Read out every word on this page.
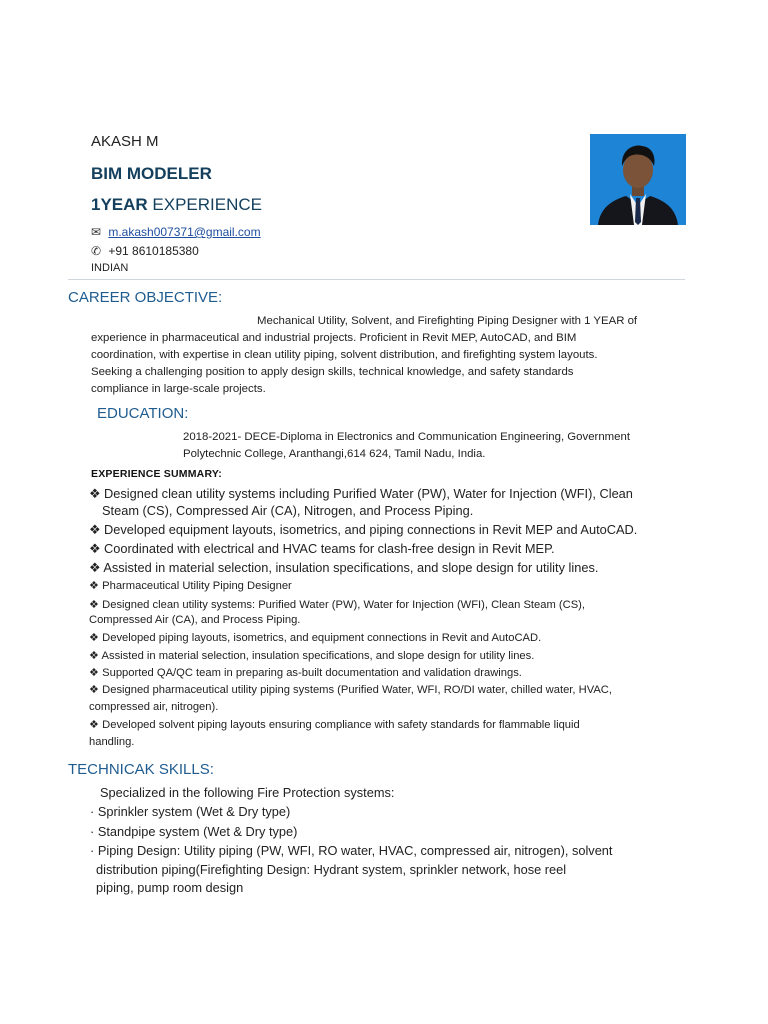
AKASH M
BIM MODELER
1YEAR EXPERIENCE
✉ m.akash007371@gmail.com
✆ +91 8610185380
INDIAN
CAREER OBJECTIVE:
Mechanical Utility, Solvent, and Firefighting Piping Designer with 1 YEAR of
experience in pharmaceutical and industrial projects. Proficient in Revit MEP, AutoCAD, and BIM
coordination, with expertise in clean utility piping, solvent distribution, and firefighting system layouts.
Seeking a challenging position to apply design skills, technical knowledge, and safety standards
compliance in large-scale projects.
EDUCATION:
2018-2021- DECE-Diploma in Electronics and Communication Engineering, Government
Polytechnic College, Aranthangi,614 624, Tamil Nadu, India.
EXPERIENCE SUMMARY:
❖ Designed clean utility systems including Purified Water (PW), Water for Injection (WFI), Clean
Steam (CS), Compressed Air (CA), Nitrogen, and Process Piping.
❖ Developed equipment layouts, isometrics, and piping connections in Revit MEP and AutoCAD.
❖ Coordinated with electrical and HVAC teams for clash-free design in Revit MEP.
❖ Assisted in material selection, insulation specifications, and slope design for utility lines.
❖ Pharmaceutical Utility Piping Designer
❖ Designed clean utility systems: Purified Water (PW), Water for Injection (WFI), Clean Steam (CS),
Compressed Air (CA), and Process Piping.
❖ Developed piping layouts, isometrics, and equipment connections in Revit and AutoCAD.
❖ Assisted in material selection, insulation specifications, and slope design for utility lines.
❖ Supported QA/QC team in preparing as-built documentation and validation drawings.
❖ Designed pharmaceutical utility piping systems (Purified Water, WFI, RO/DI water, chilled water, HVAC,
compressed air, nitrogen).
❖ Developed solvent piping layouts ensuring compliance with safety standards for flammable liquid
handling.
TECHNICAK SKILLS:
Specialized in the following Fire Protection systems:
· Sprinkler system (Wet & Dry type)
· Standpipe system (Wet & Dry type)
· Piping Design: Utility piping (PW, WFI, RO water, HVAC, compressed air, nitrogen), solvent
distribution piping(Firefighting Design: Hydrant system, sprinkler network, hose reel
piping, pump room design
